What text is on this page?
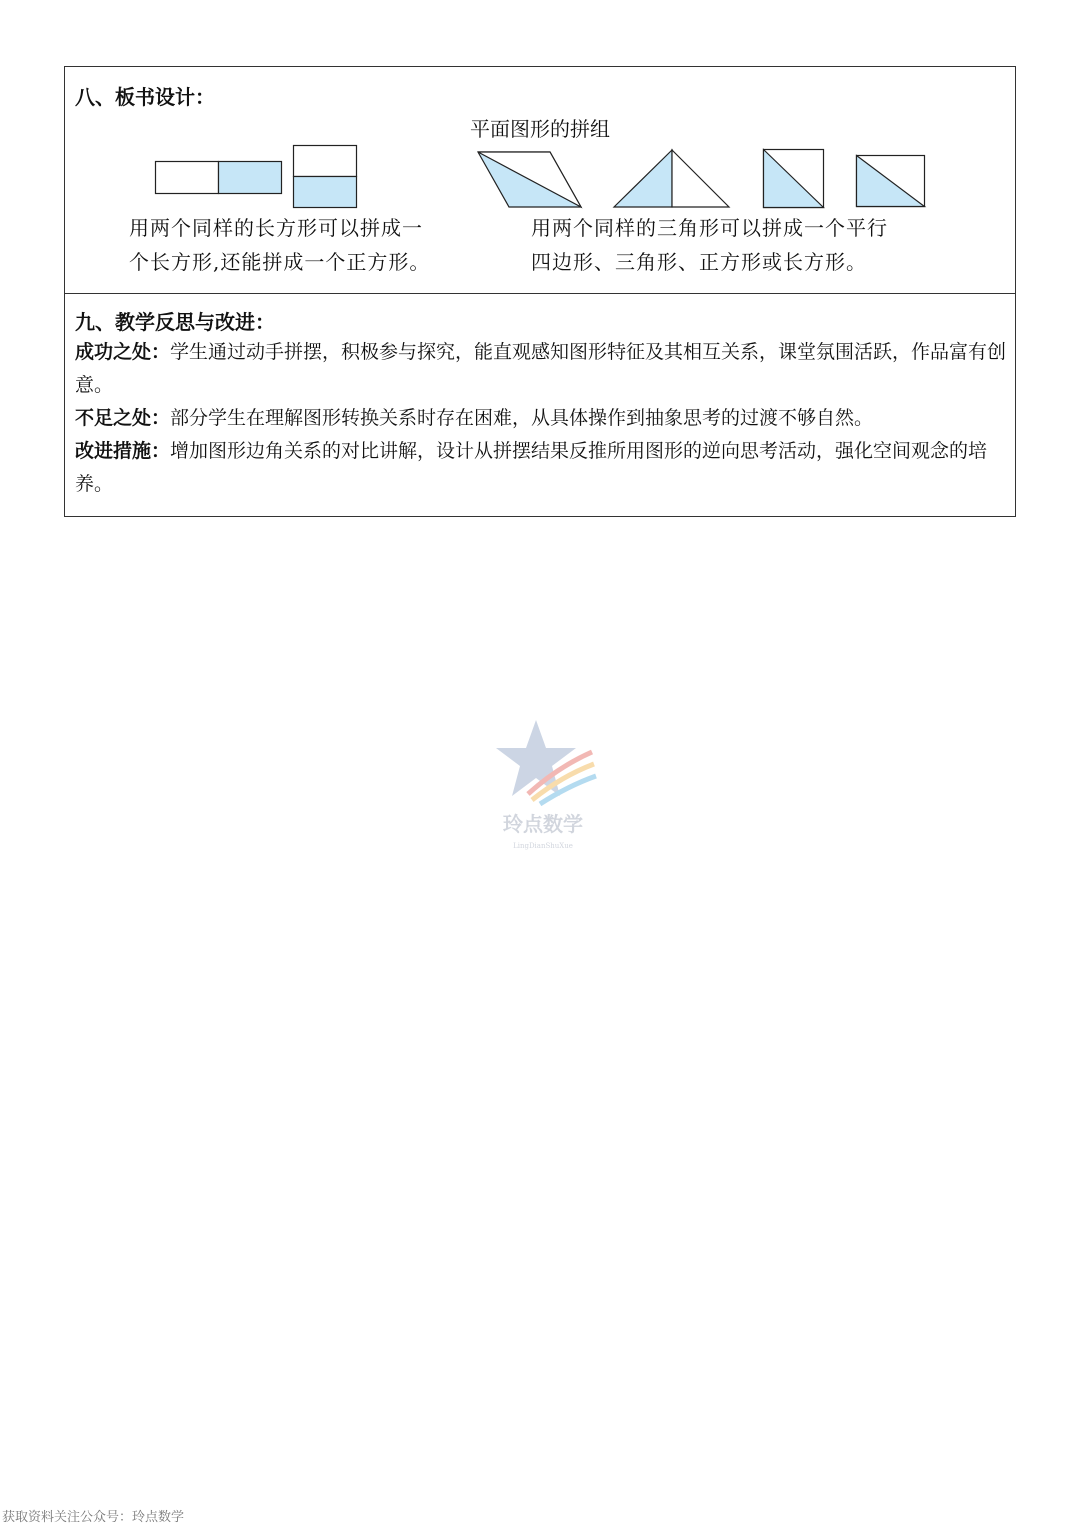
八、板书设计：
平面图形的拼组
用两个同样的长方形可以拼成一
个长方形,还能拼成一个正方形。
用两个同样的三角形可以拼成一个平行
四边形、三角形、正方形或长方形。
九、教学反思与改进：
成功之处：学生通过动手拼摆，积极参与探究，能直观感知图形特征及其相互关系，课堂氛围活跃，作品富有创意。
不足之处：部分学生在理解图形转换关系时存在困难，从具体操作到抽象思考的过渡不够自然。
改进措施：增加图形边角关系的对比讲解，设计从拼摆结果反推所用图形的逆向思考活动，强化空间观念的培养。
玲点数学
LingDianShuXue
获取资料关注公众号：玲点数学
